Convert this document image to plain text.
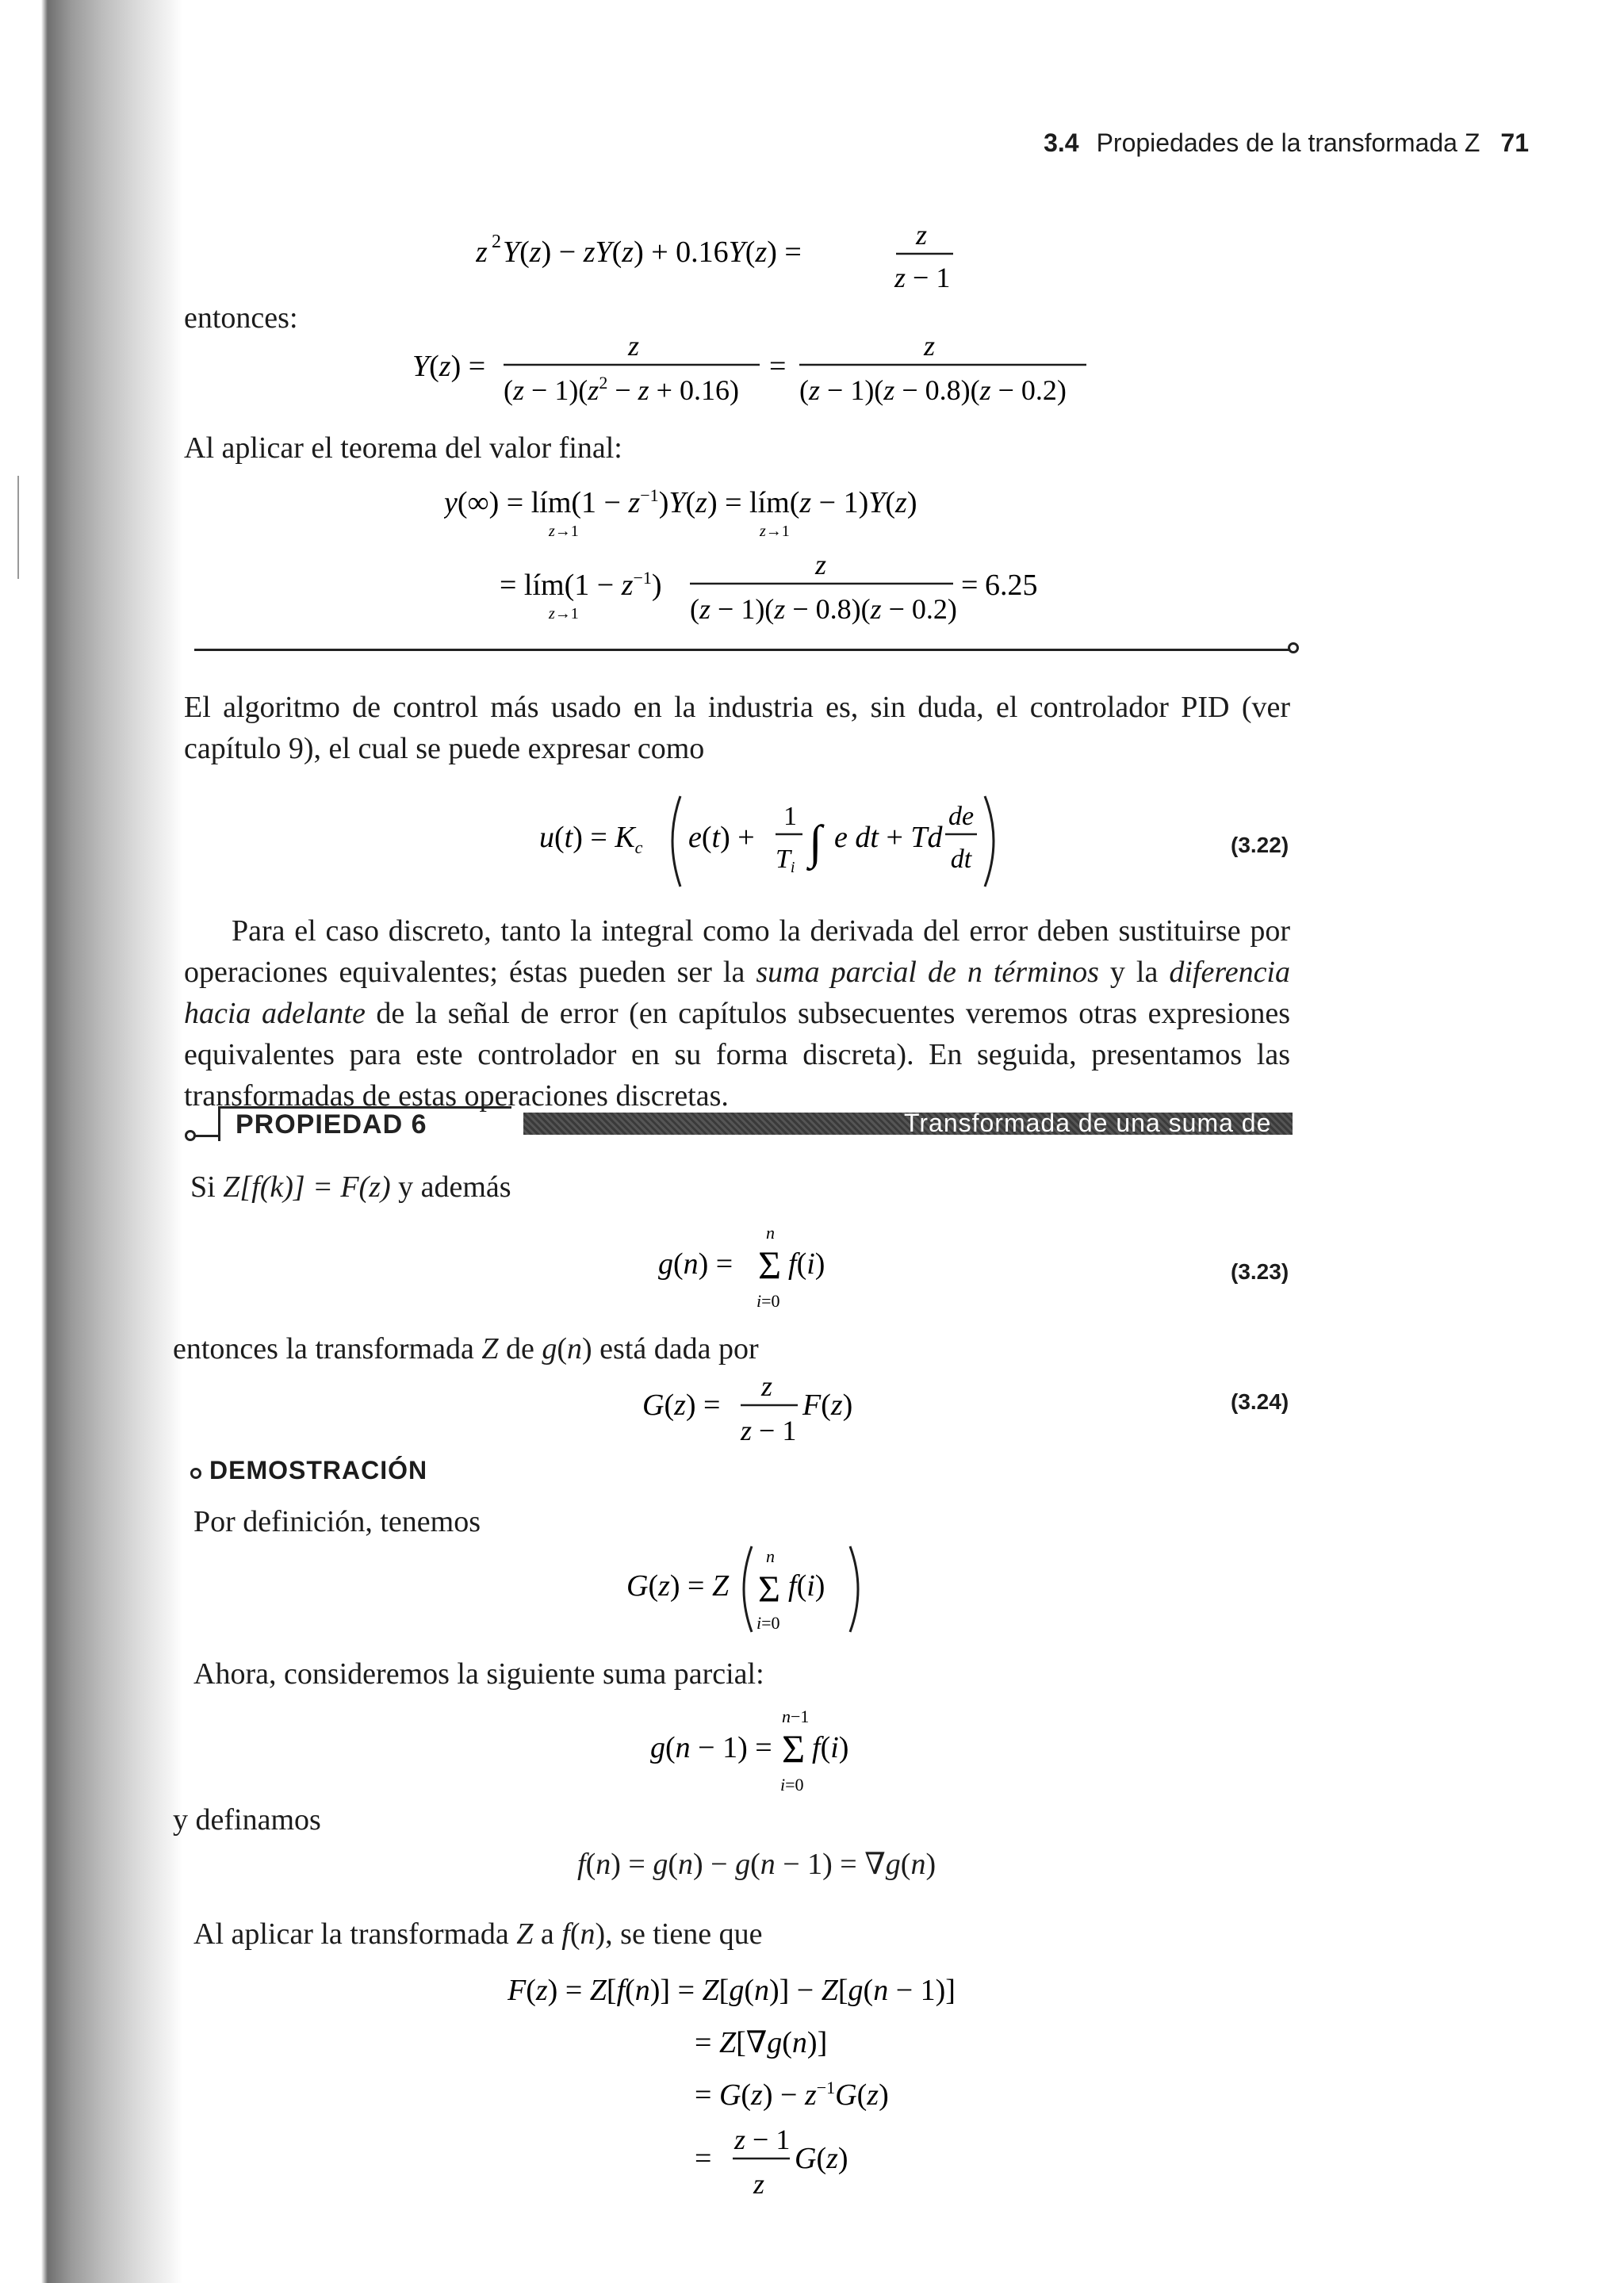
3.4 Propiedades de la transformada Z 71
z 2 Y(z) − zY(z) + 0.16Y(z) =
z
z − 1
entonces:
Y(z) =
z
$(z - 1)(z^2 - z + 0.16)$
=
z
(z − 1)(z − 0.8)(z − 0.2)
Al aplicar el teorema del valor final:
y(∞) = lím(1 − $z^{-1})Y(z)$ = lím(z − 1)Y(z)
z→1	z→1
= lím(1 − $z^{-1}$)
z→1
z
(z − 1)(z − 0.8)(z − 0.2)
= 6.25
El algoritmo de control más usado en la industria es, sin duda, el controlador PID (ver capítulo 9), el cual se puede expresar como
$u(t) = K_c$ e(t) +
1
Ti ∫ e dt + Td
de
dt	(3.22)
Para el caso discreto, tanto la integral como la derivada del error deben sustituirse por operaciones equivalentes; éstas pueden ser la suma parcial de n términos y la diferencia hacia adelante de la señal de error (en capítulos subsecuentes veremos otras expresiones equivalentes para este controlador en su forma discreta). En seguida, presentamos las transformadas de estas operaciones discretas.
PROPIEDAD 6	Transformada de una suma de n términos
Si Z[f(k)] = F(z) y además
g(n) =
n
Σ
i=0
f(i)	(3.23)
entonces la transformada Z de g(n) está dada por
G(z) =
z
z − 1
F(z)	(3.24)
DEMOSTRACIÓN
Por definición, tenemos
G(z) = Z
n
Σ
i=0
f(i)
Ahora, consideremos la siguiente suma parcial:
g(n − 1) =
n−1
Σ
i=0
f(i)
y definamos
f(n) = g(n) − g(n − 1) = ∇g(n)
Al aplicar la transformada Z a f(n), se tiene que
F(z) = Z[f(n)] = Z[g(n)] − Z[g(n − 1)]
= Z[∇g(n)]
= $G(z) - z^{-1}G(z)$
=
z − 1
z
G(z)
